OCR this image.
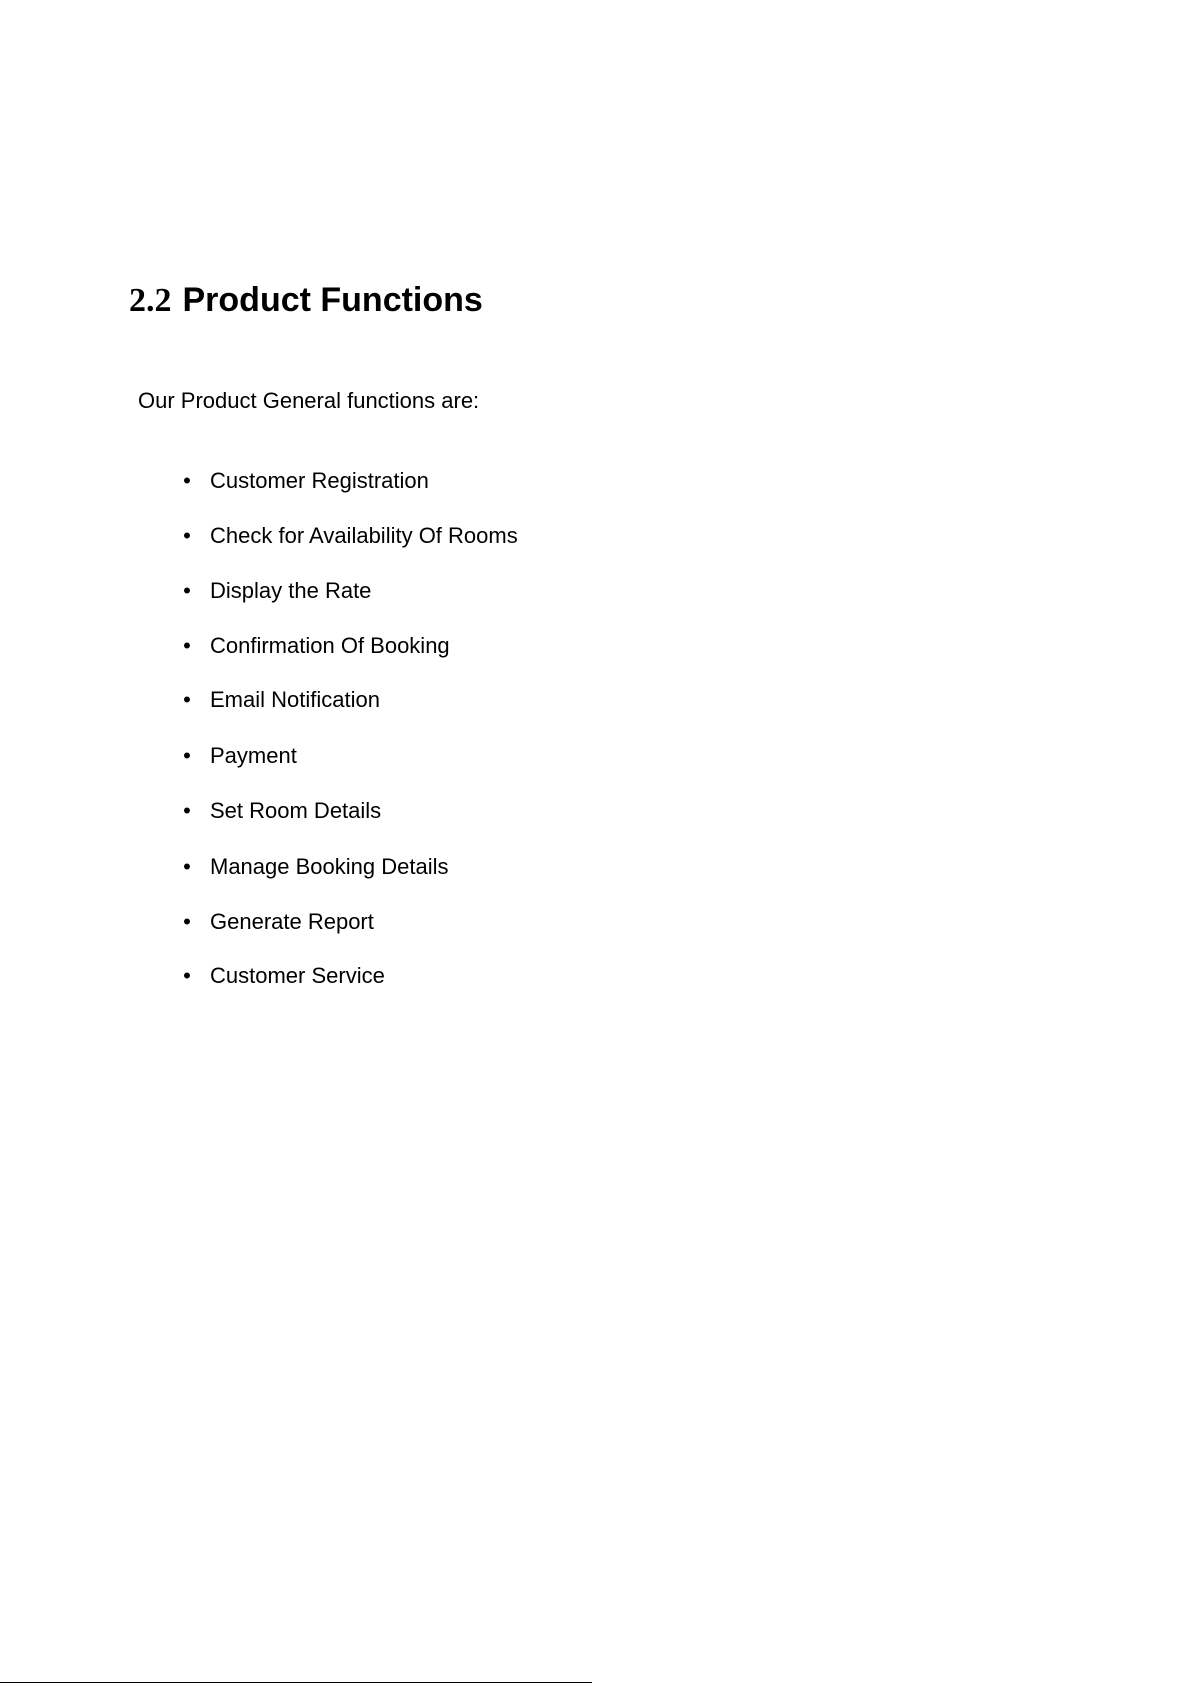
2.2 Product Functions

Our Product General functions are:

• Customer Registration
• Check for Availability Of Rooms
• Display the Rate
• Confirmation Of Booking
• Email Notification
• Payment
• Set Room Details
• Manage Booking Details
• Generate Report
• Customer Service
